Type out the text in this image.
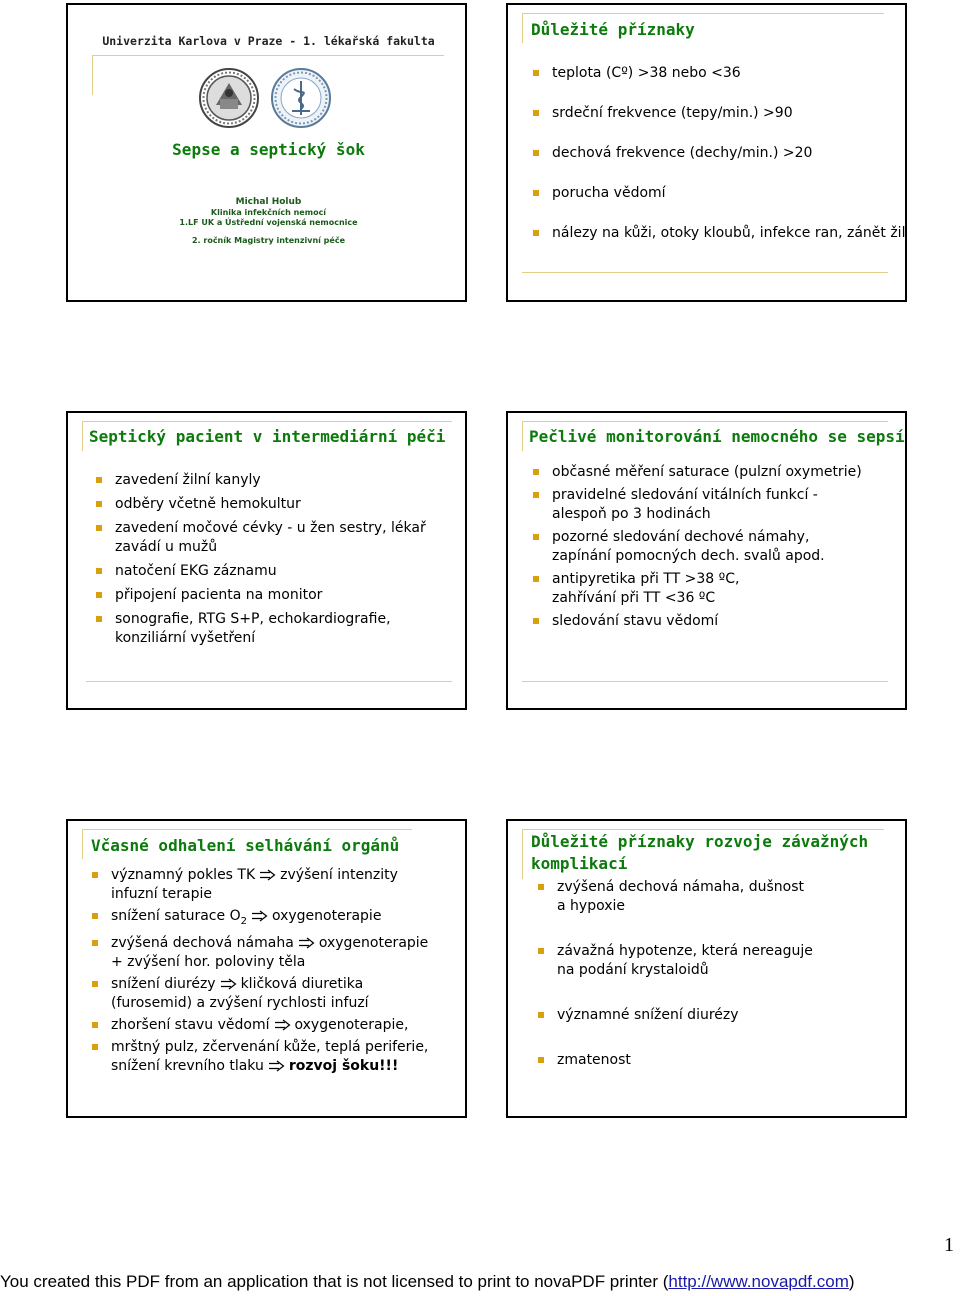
Univerzita Karlova v Praze - 1. lékařská fakulta
Sepse a septický šok
Michal Holub
Klinika infekčních nemocí
1.LF UK a Ústřední vojenská nemocnice
2. ročník Magistry intenzivní péče
Důležité příznaky
teplota (Cº) >38 nebo <36
srdeční frekvence (tepy/min.) >90
dechová frekvence (dechy/min.) >20
porucha vědomí
nálezy na kůži, otoky kloubů, infekce ran, zánět žil
Septický pacient v intermediární péči
zavedení žilní kanyly
odběry včetně hemokultur
zavedení močové cévky - u žen sestry, lékař
zavádí u mužů
natočení EKG záznamu
připojení pacienta na monitor
sonografie, RTG S+P, echokardiografie,
konziliární vyšetření
Pečlivé monitorování nemocného se sepsí
občasné měření saturace (pulzní oxymetrie)
pravidelné sledování vitálních funkcí -
alespoň po 3 hodinách
pozorné sledování dechové námahy,
zapínání pomocných dech. svalů apod.
antipyretika při TT >38 ºC,
zahřívání při TT <36 ºC
sledování stavu vědomí
Včasné odhalení selhávání orgánů
významný pokles TK zvýšení intenzity
infuzní terapie
snížení saturace $O_2$ oxygenoterapie
zvýšená dechová námaha oxygenoterapie
+ zvýšení hor. poloviny těla
snížení diurézy kličková diuretika
(furosemid) a zvýšení rychlosti infuzí
zhoršení stavu vědomí oxygenoterapie,
mrštný pulz, zčervenání kůže, teplá periferie,
snížení krevního tlaku rozvoj šoku!!!
Důležité příznaky rozvoje závažných
komplikací
zvýšená dechová námaha, dušnost
a hypoxie
závažná hypotenze, která nereaguje
na podání krystaloidů
významné snížení diurézy
zmatenost
1
You created this PDF from an application that is not licensed to print to novaPDF printer (http://www.novapdf.com)
